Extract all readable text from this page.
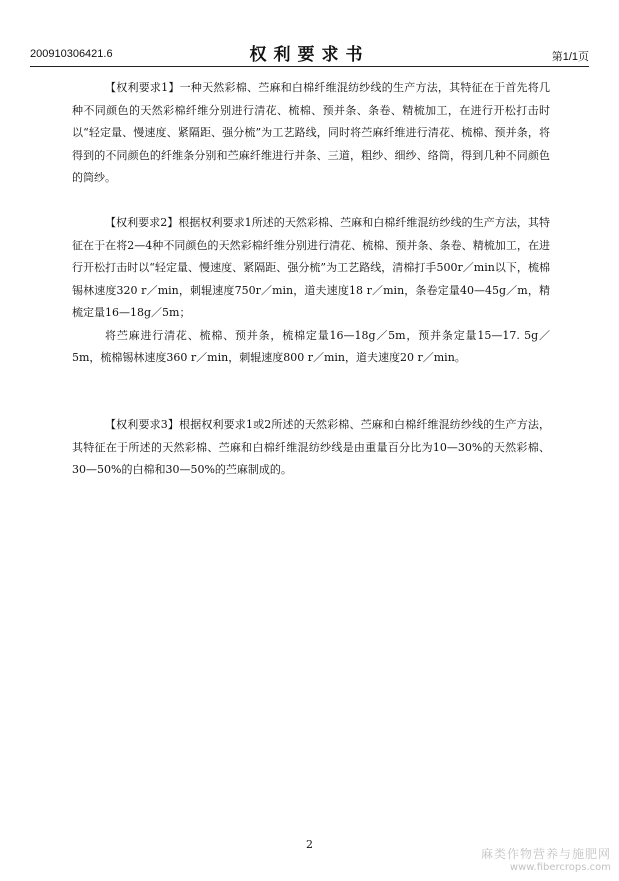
200910306421.6	权利要求书	第1/1页

【权利要求1】一种天然彩棉、苎麻和白棉纤维混纺纱线的生产方法，其特征在于首先将几种不同颜色的天然彩棉纤维分别进行清花、梳棉、预并条、条卷、精梳加工，在进行开松打击时以“轻定量、慢速度、紧隔距、强分梳”为工艺路线，同时将苎麻纤维进行清花、梳棉、预并条，将得到的不同颜色的纤维条分别和苎麻纤维进行并条、三道，粗纱、细纱、络筒，得到几种不同颜色的筒纱。

【权利要求2】根据权利要求1所述的天然彩棉、苎麻和白棉纤维混纺纱线的生产方法，其特征在于在将2—4种不同颜色的天然彩棉纤维分别进行清花、梳棉、预并条、条卷、精梳加工，在进行开松打击时以“轻定量、慢速度、紧隔距、强分梳”为工艺路线，清棉打手500r／min以下，梳棉锡林速度320 r／min，刺辊速度750r／min，道夫速度18 r／min，条卷定量40—45g／m，精梳定量16—18g／5m；

将苎麻进行清花、梳棉、预并条，梳棉定量16—18g／5m，预并条定量15—17. 5g／5m，梳棉锡林速度360 r／min，刺辊速度800 r／min，道夫速度20 r／min。

【权利要求3】根据权利要求1或2所述的天然彩棉、苎麻和白棉纤维混纺纱线的生产方法，其特征在于所述的天然彩棉、苎麻和白棉纤维混纺纱线是由重量百分比为10—30%的天然彩棉、30—50%的白棉和30—50%的苎麻制成的。

2
麻类作物营养与施肥网
www.fibercrops.com
